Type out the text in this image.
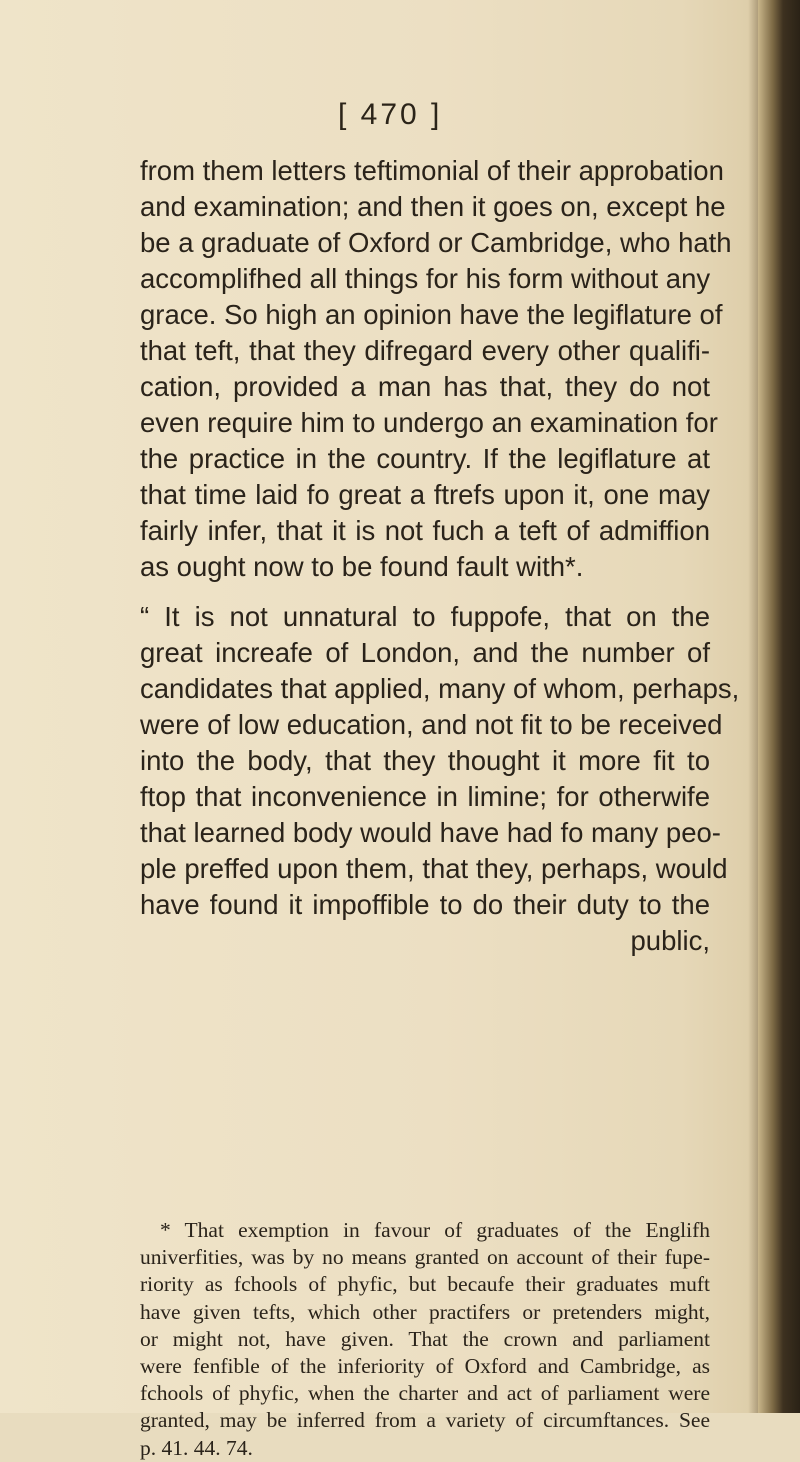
[ 470 ]
from them letters teftimonial of their approbation
and examination; and then it goes on, except he
be a graduate of Oxford or Cambridge, who hath
accomplifhed all things for his form without any
grace. So high an opinion have the legiflature of
that teft, that they difregard every other qualifi-
cation, provided a man has that, they do not
even require him to undergo an examination for
the practice in the country. If the legiflature at
that time laid fo great a ftrefs upon it, one may
fairly infer, that it is not fuch a teft of admiffion
as ought now to be found fault with*.
“ It is not unnatural to fuppofe, that on the
great increafe of London, and the number of
candidates that applied, many of whom, perhaps,
were of low education, and not fit to be received
into the body, that they thought it more fit to
ftop that inconvenience in limine; for otherwife
that learned body would have had fo many peo-
ple preffed upon them, that they, perhaps, would
have found it impoffible to do their duty to the
public,
* That exemption in favour of graduates of the Englifh
univerfities, was by no means granted on account of their fupe-
riority as fchools of phyfic, but becaufe their graduates muft
have given tefts, which other practifers or pretenders might,
or might not, have given. That the crown and parliament
were fenfible of the inferiority of Oxford and Cambridge, as
fchools of phyfic, when the charter and act of parliament were
granted, may be inferred from a variety of circumftances. See
p. 41. 44. 74.
